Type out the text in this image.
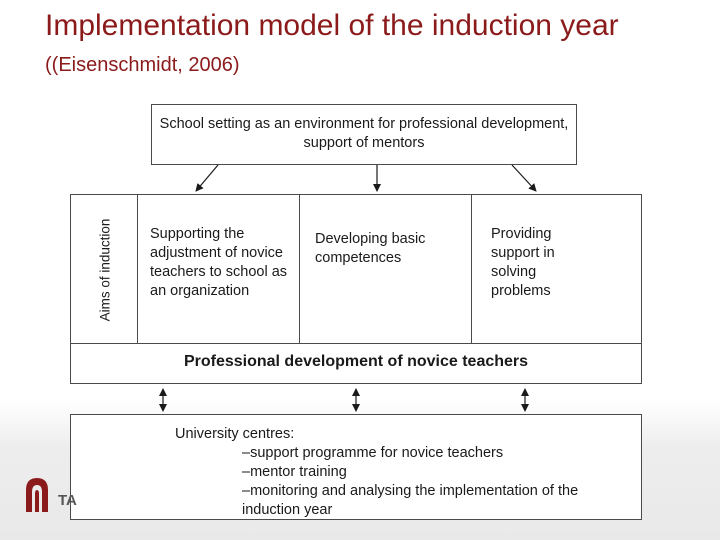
Implementation model of the induction year
((Eisenschmidt, 2006)
School setting as an environment for professional development, support of mentors
Aims of induction	Supporting the adjustment of novice teachers to school as an organization
Developing basic competences
Providing support in solving problems
Professional development of novice teachers
University centres:
–support programme for novice teachers
–mentor training
–monitoring and analysing the implementation of the induction year
TA
